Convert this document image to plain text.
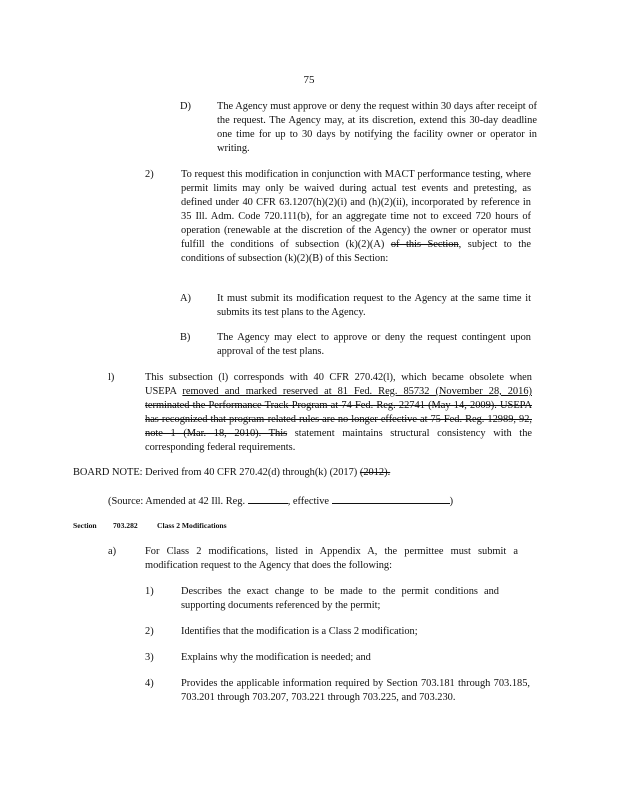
75
D)	The Agency must approve or deny the request within 30 days after receipt of the request. The Agency may, at its discretion, extend this 30-day deadline one time for up to 30 days by notifying the facility owner or operator in writing.
2)	To request this modification in conjunction with MACT performance testing, where permit limits may only be waived during actual test events and pretesting, as defined under 40 CFR 63.1207(h)(2)(i) and (h)(2)(ii), incorporated by reference in 35 Ill. Adm. Code 720.111(b), for an aggregate time not to exceed 720 hours of operation (renewable at the discretion of the Agency) the owner or operator must fulfill the conditions of subsection (k)(2)(A) of this Section, subject to the conditions of subsection (k)(2)(B) of this Section:
A)	It must submit its modification request to the Agency at the same time it submits its test plans to the Agency.
B)	The Agency may elect to approve or deny the request contingent upon approval of the test plans.
l)	This subsection (l) corresponds with 40 CFR 270.42(l), which became obsolete when USEPA removed and marked reserved at 81 Fed. Reg. 85732 (November 28, 2016) terminated the Performance Track Program at 74 Fed. Reg. 22741 (May 14, 2009). USEPA has recognized that program-related rules are no longer effective at 75 Fed. Reg. 12989, 92, note 1 (Mar. 18, 2010). This statement maintains structural consistency with the corresponding federal requirements.
BOARD NOTE: Derived from 40 CFR 270.42(d) through(k) (2017) (2012).
(Source: Amended at 42 Ill. Reg.	, effective	)
Section 703.282	Class 2 Modifications
a)	For Class 2 modifications, listed in Appendix A, the permittee must submit a modification request to the Agency that does the following:
1)	Describes the exact change to be made to the permit conditions and supporting documents referenced by the permit;
2)	Identifies that the modification is a Class 2 modification;
3)	Explains why the modification is needed; and
4)	Provides the applicable information required by Section 703.181 through 703.185, 703.201 through 703.207, 703.221 through 703.225, and 703.230.
